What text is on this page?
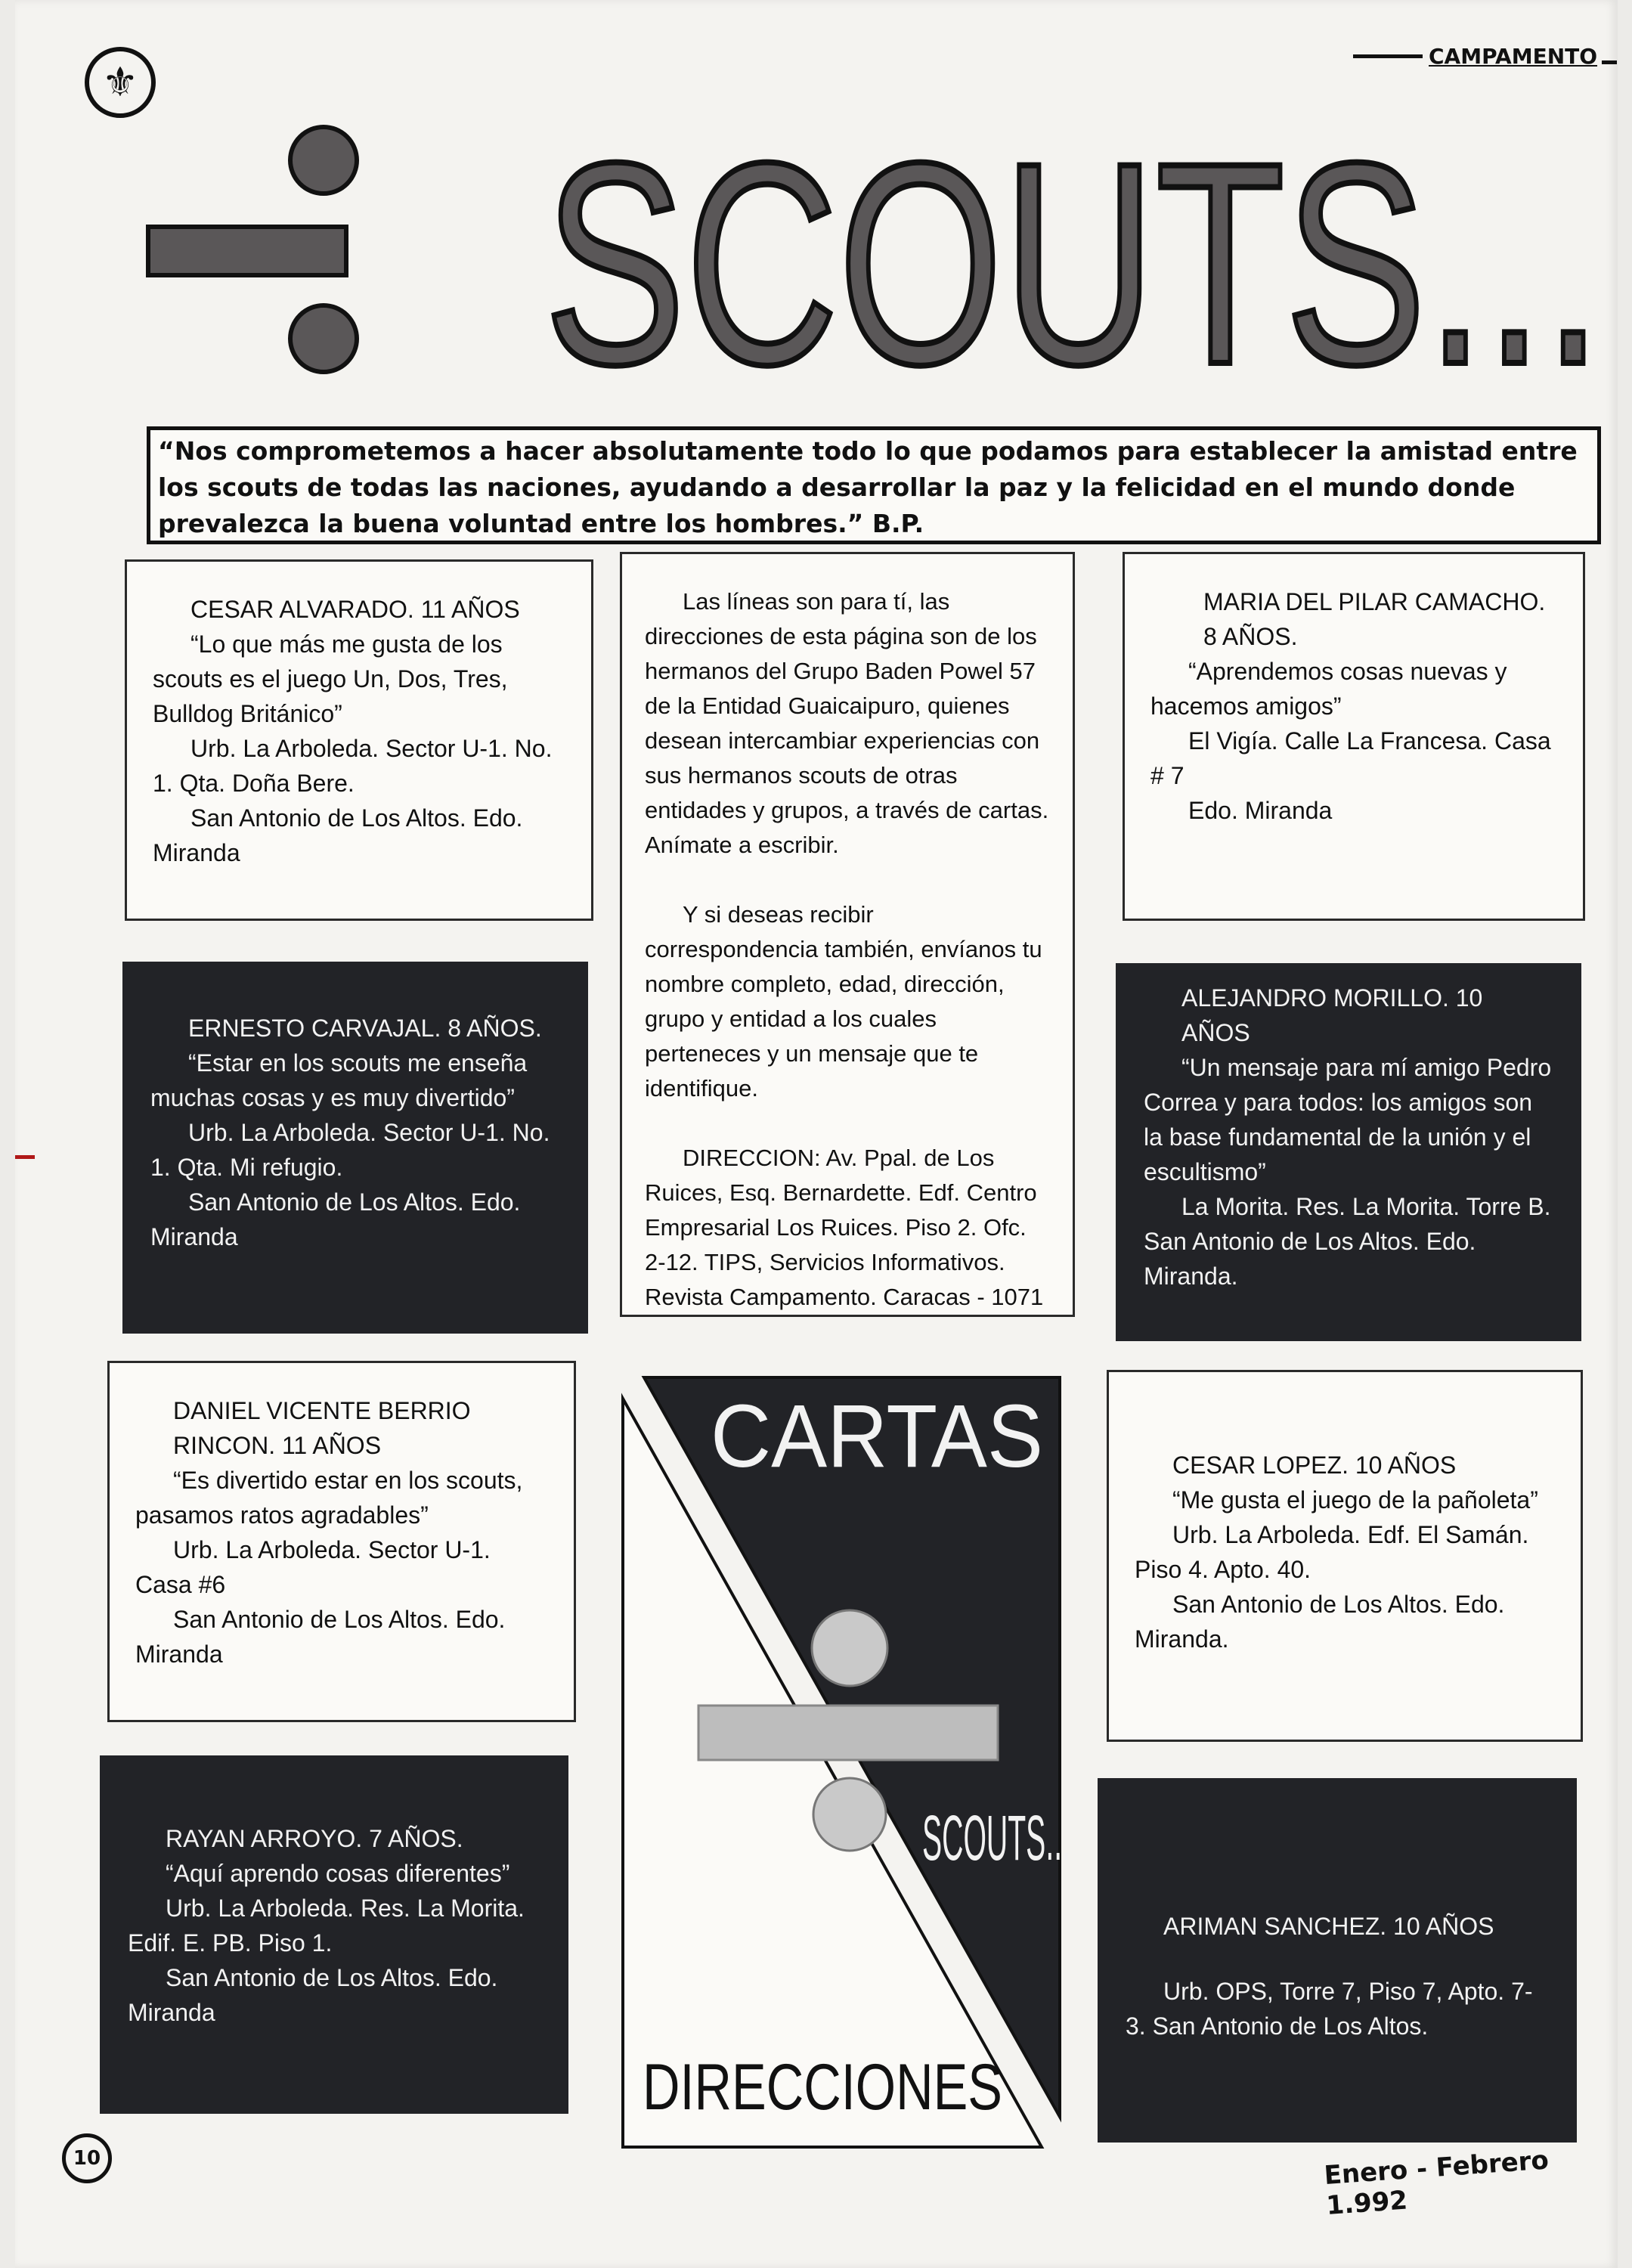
⚜
CAMPAMENTO
SCOUTS...
“Nos comprometemos a hacer absolutamente todo lo que podamos para establecer la amistad entre los scouts de todas las naciones, ayudando a desarrollar la paz y la felicidad en el mundo donde prevalezca la buena voluntad entre los hombres.” B.P.

CESAR ALVARADO. 11 AÑOS

“Lo que más me gusta de los scouts es el juego Un, Dos, Tres, Bulldog Británico”

Urb. La Arboleda. Sector U-1. No. 1. Qta. Doña Bere.

San Antonio de Los Altos. Edo. Miranda

ERNESTO CARVAJAL. 8 AÑOS.

“Estar en los scouts me enseña muchas cosas y es muy divertido”

Urb. La Arboleda. Sector U-1. No. 1. Qta. Mi refugio.

San Antonio de Los Altos. Edo. Miranda

DANIEL VICENTE BERRIO RINCON. 11 AÑOS

“Es divertido estar en los scouts, pasamos ratos agradables”

Urb. La Arboleda. Sector U-1. Casa #6

San Antonio de Los Altos. Edo. Miranda

RAYAN ARROYO. 7 AÑOS.

“Aquí aprendo cosas diferentes”

Urb. La Arboleda. Res. La Morita. Edif. E. PB. Piso 1.

San Antonio de Los Altos. Edo. Miranda

Las líneas son para tí, las direcciones de esta página son de los hermanos del Grupo Baden Powel 57 de la Entidad Guaicaipuro, quienes desean intercambiar experiencias con sus hermanos scouts de otras entidades y grupos, a través de cartas. Anímate a escribir.

Y si deseas recibir correspondencia también, envíanos tu nombre completo, edad, dirección, grupo y entidad a los cuales perteneces y un mensaje que te identifique.

DIRECCION: Av. Ppal. de Los Ruices, Esq. Bernardette. Edf. Centro Empresarial Los Ruices. Piso 2. Ofc. 2-12. TIPS, Servicios Informativos. Revista Campamento. Caracas - 1071

CARTAS
SCOUTS...
DIRECCIONES

MARIA DEL PILAR CAMACHO. 8 AÑOS.

“Aprendemos cosas nuevas y hacemos amigos”

El Vigía. Calle La Francesa. Casa # 7

Edo. Miranda

ALEJANDRO MORILLO. 10 AÑOS

“Un mensaje para mí amigo Pedro Correa y para todos: los amigos son la base fundamental de la unión y el escultismo”

La Morita. Res. La Morita. Torre B. San Antonio de Los Altos. Edo. Miranda.

CESAR LOPEZ. 10 AÑOS

“Me gusta el juego de la pañoleta”

Urb. La Arboleda. Edf. El Samán. Piso 4. Apto. 40.

San Antonio de Los Altos. Edo. Miranda.

ARIMAN SANCHEZ. 10 AÑOS

Urb. OPS, Torre 7, Piso 7, Apto. 7-3. San Antonio de Los Altos.

10	Enero - Febrero 1.992
